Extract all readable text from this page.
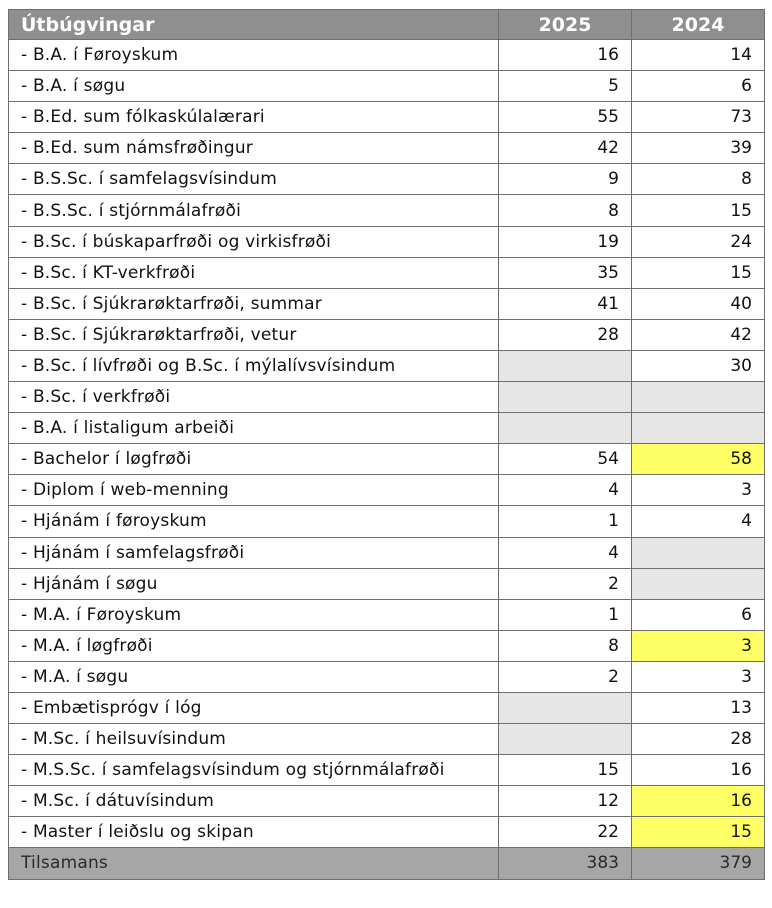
Útbúgvingar	2025	2024
- B.A. í Føroyskum	16	14
- B.A. í søgu	5	6
- B.Ed. sum fólkaskúlalærari	55	73
- B.Ed. sum námsfrøðingur	42	39
- B.S.Sc. í samfelagsvísindum	9	8
- B.S.Sc. í stjórnmálafrøði	8	15
- B.Sc. í búskaparfrøði og virkisfrøði	19	24
- B.Sc. í KT-verkfrøði	35	15
- B.Sc. í Sjúkrarøktarfrøði, summar	41	40
- B.Sc. í Sjúkrarøktarfrøði, vetur	28	42
- B.Sc. í lívfrøði og B.Sc. í mýlalívsvísindum		30
- B.Sc. í verkfrøði		
- B.A. í listaligum arbeiði		
- Bachelor í løgfrøði	54	58
- Diplom í web-menning	4	3
- Hjánám í føroyskum	1	4
- Hjánám í samfelagsfrøði	4	
- Hjánám í søgu	2	
- M.A. í Føroyskum	1	6
- M.A. í løgfrøði	8	3
- M.A. í søgu	2	3
- Embætisprógv í lóg		13
- M.Sc. í heilsuvísindum		28
- M.S.Sc. í samfelagsvísindum og stjórnmálafrøði	15	16
- M.Sc. í dátuvísindum	12	16
- Master í leiðslu og skipan	22	15
Tilsamans	383	379
